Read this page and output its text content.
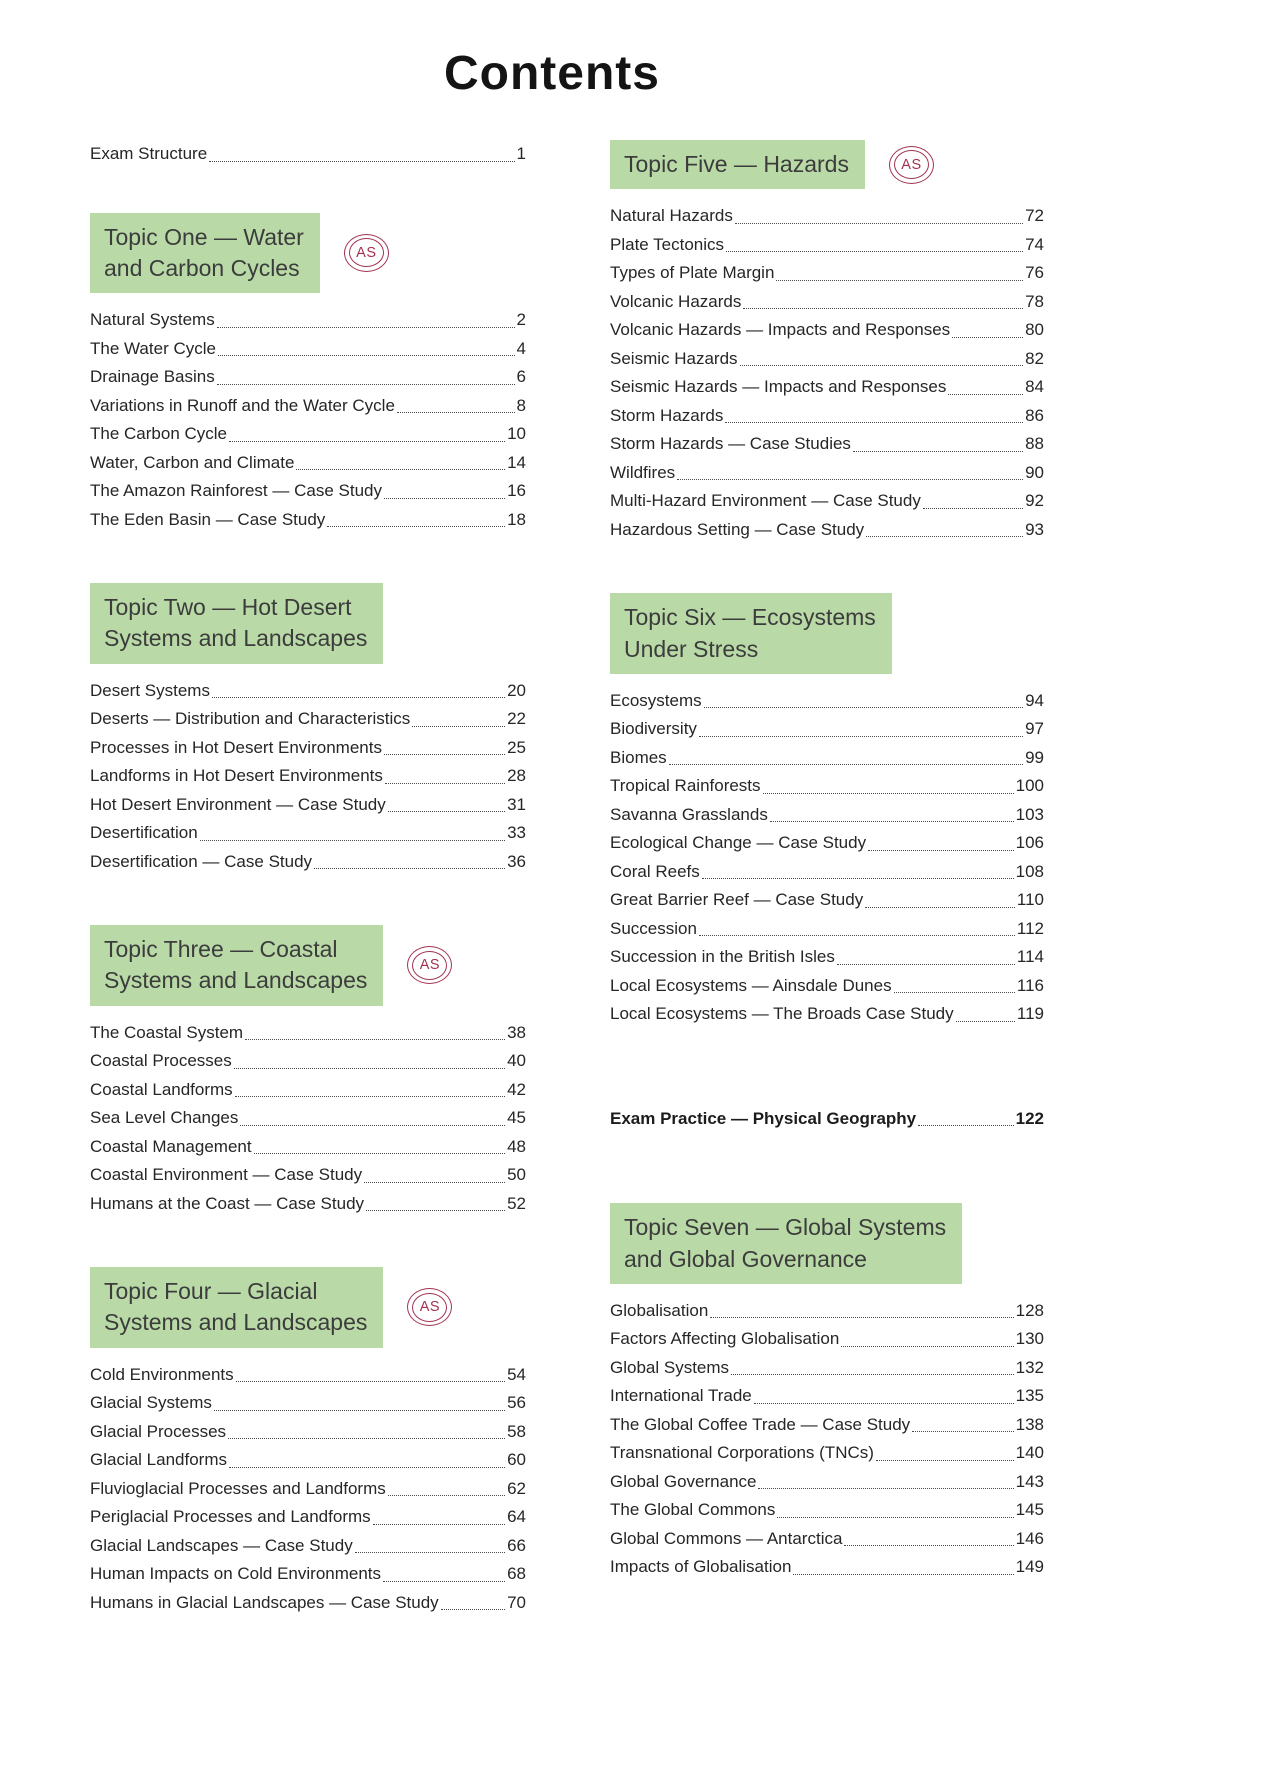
Contents
Exam Structure	1
Topic One — Water
and Carbon Cycles
AS
Natural Systems	2
The Water Cycle	4
Drainage Basins	6
Variations in Runoff and the Water Cycle	8
The Carbon Cycle	10
Water, Carbon and Climate	14
The Amazon Rainforest — Case Study	16
The Eden Basin — Case Study	18
Topic Two — Hot Desert
Systems and Landscapes
Desert Systems	20
Deserts — Distribution and Characteristics	22
Processes in Hot Desert Environments	25
Landforms in Hot Desert Environments	28
Hot Desert Environment — Case Study	31
Desertification	33
Desertification — Case Study	36
Topic Three — Coastal
Systems and Landscapes
AS
The Coastal System	38
Coastal Processes	40
Coastal Landforms	42
Sea Level Changes	45
Coastal Management	48
Coastal Environment — Case Study	50
Humans at the Coast — Case Study	52
Topic Four — Glacial
Systems and Landscapes
AS
Cold Environments	54
Glacial Systems	56
Glacial Processes	58
Glacial Landforms	60
Fluvioglacial Processes and Landforms	62
Periglacial Processes and Landforms	64
Glacial Landscapes — Case Study	66
Human Impacts on Cold Environments	68
Humans in Glacial Landscapes — Case Study	70
Topic Five — Hazards	AS
Natural Hazards	72
Plate Tectonics	74
Types of Plate Margin	76
Volcanic Hazards	78
Volcanic Hazards — Impacts and Responses	80
Seismic Hazards	82
Seismic Hazards — Impacts and Responses	84
Storm Hazards	86
Storm Hazards — Case Studies	88
Wildfires	90
Multi-Hazard Environment — Case Study	92
Hazardous Setting — Case Study	93
Topic Six — Ecosystems
Under Stress
Ecosystems	94
Biodiversity	97
Biomes	99
Tropical Rainforests	100
Savanna Grasslands	103
Ecological Change — Case Study	106
Coral Reefs	108
Great Barrier Reef — Case Study	110
Succession	112
Succession in the British Isles	114
Local Ecosystems — Ainsdale Dunes	116
Local Ecosystems — The Broads Case Study	119
Exam Practice — Physical Geography	122
Topic Seven — Global Systems
and Global Governance
Globalisation	128
Factors Affecting Globalisation	130
Global Systems	132
International Trade	135
The Global Coffee Trade — Case Study	138
Transnational Corporations (TNCs)	140
Global Governance	143
The Global Commons	145
Global Commons — Antarctica	146
Impacts of Globalisation	149
